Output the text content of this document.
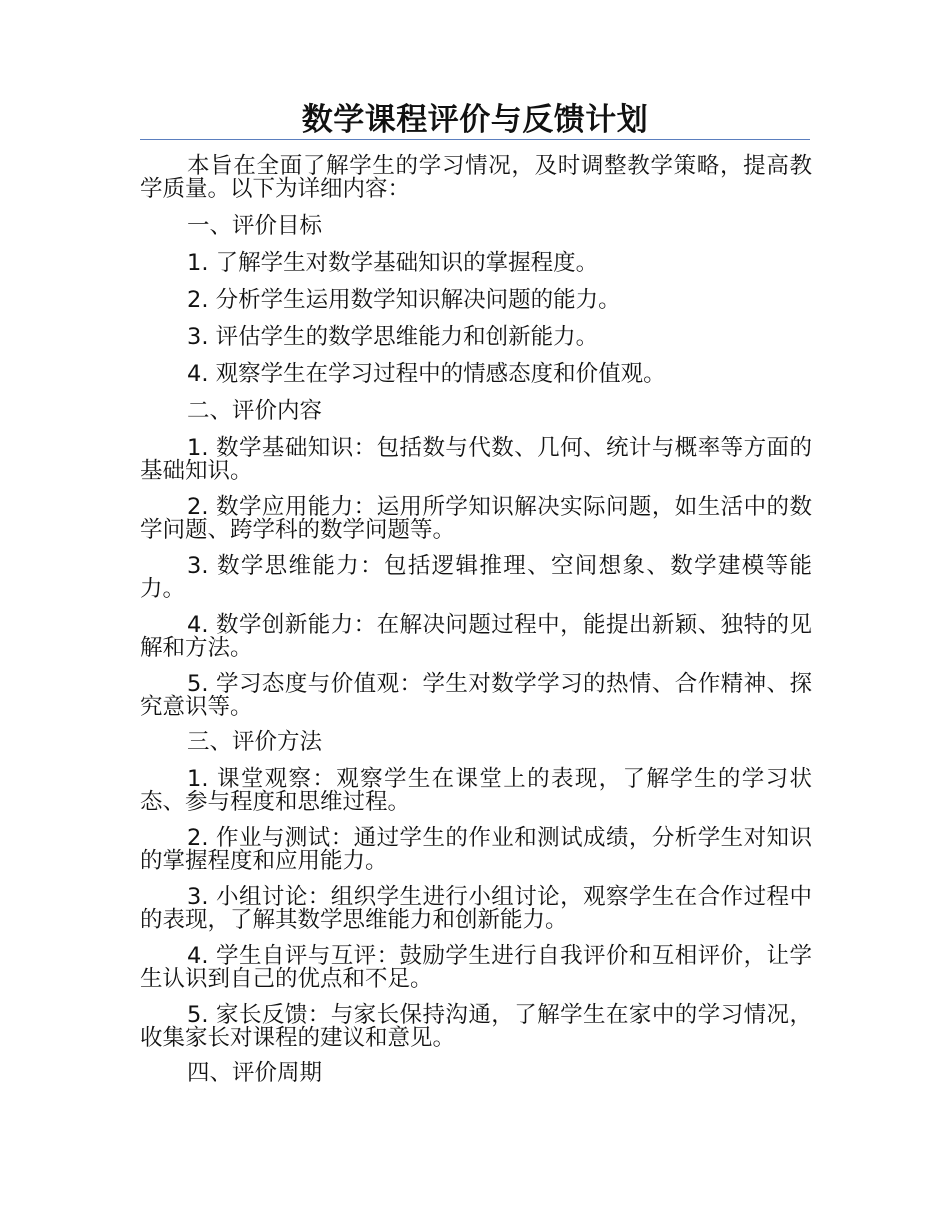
数学课程评价与反馈计划

本旨在全面了解学生的学习情况，及时调整教学策略，提高教学质量。以下为详细内容：

一、评价目标

1. 了解学生对数学基础知识的掌握程度。

2. 分析学生运用数学知识解决问题的能力。

3. 评估学生的数学思维能力和创新能力。

4. 观察学生在学习过程中的情感态度和价值观。

二、评价内容

1. 数学基础知识：包括数与代数、几何、统计与概率等方面的基础知识。

2. 数学应用能力：运用所学知识解决实际问题，如生活中的数学问题、跨学科的数学问题等。

3. 数学思维能力：包括逻辑推理、空间想象、数学建模等能力。

4. 数学创新能力：在解决问题过程中，能提出新颖、独特的见解和方法。

5. 学习态度与价值观：学生对数学学习的热情、合作精神、探究意识等。

三、评价方法

1. 课堂观察：观察学生在课堂上的表现，了解学生的学习状态、参与程度和思维过程。

2. 作业与测试：通过学生的作业和测试成绩，分析学生对知识的掌握程度和应用能力。

3. 小组讨论：组织学生进行小组讨论，观察学生在合作过程中的表现，了解其数学思维能力和创新能力。

4. 学生自评与互评：鼓励学生进行自我评价和互相评价，让学生认识到自己的优点和不足。

5. 家长反馈：与家长保持沟通，了解学生在家中的学习情况，收集家长对课程的建议和意见。

四、评价周期
